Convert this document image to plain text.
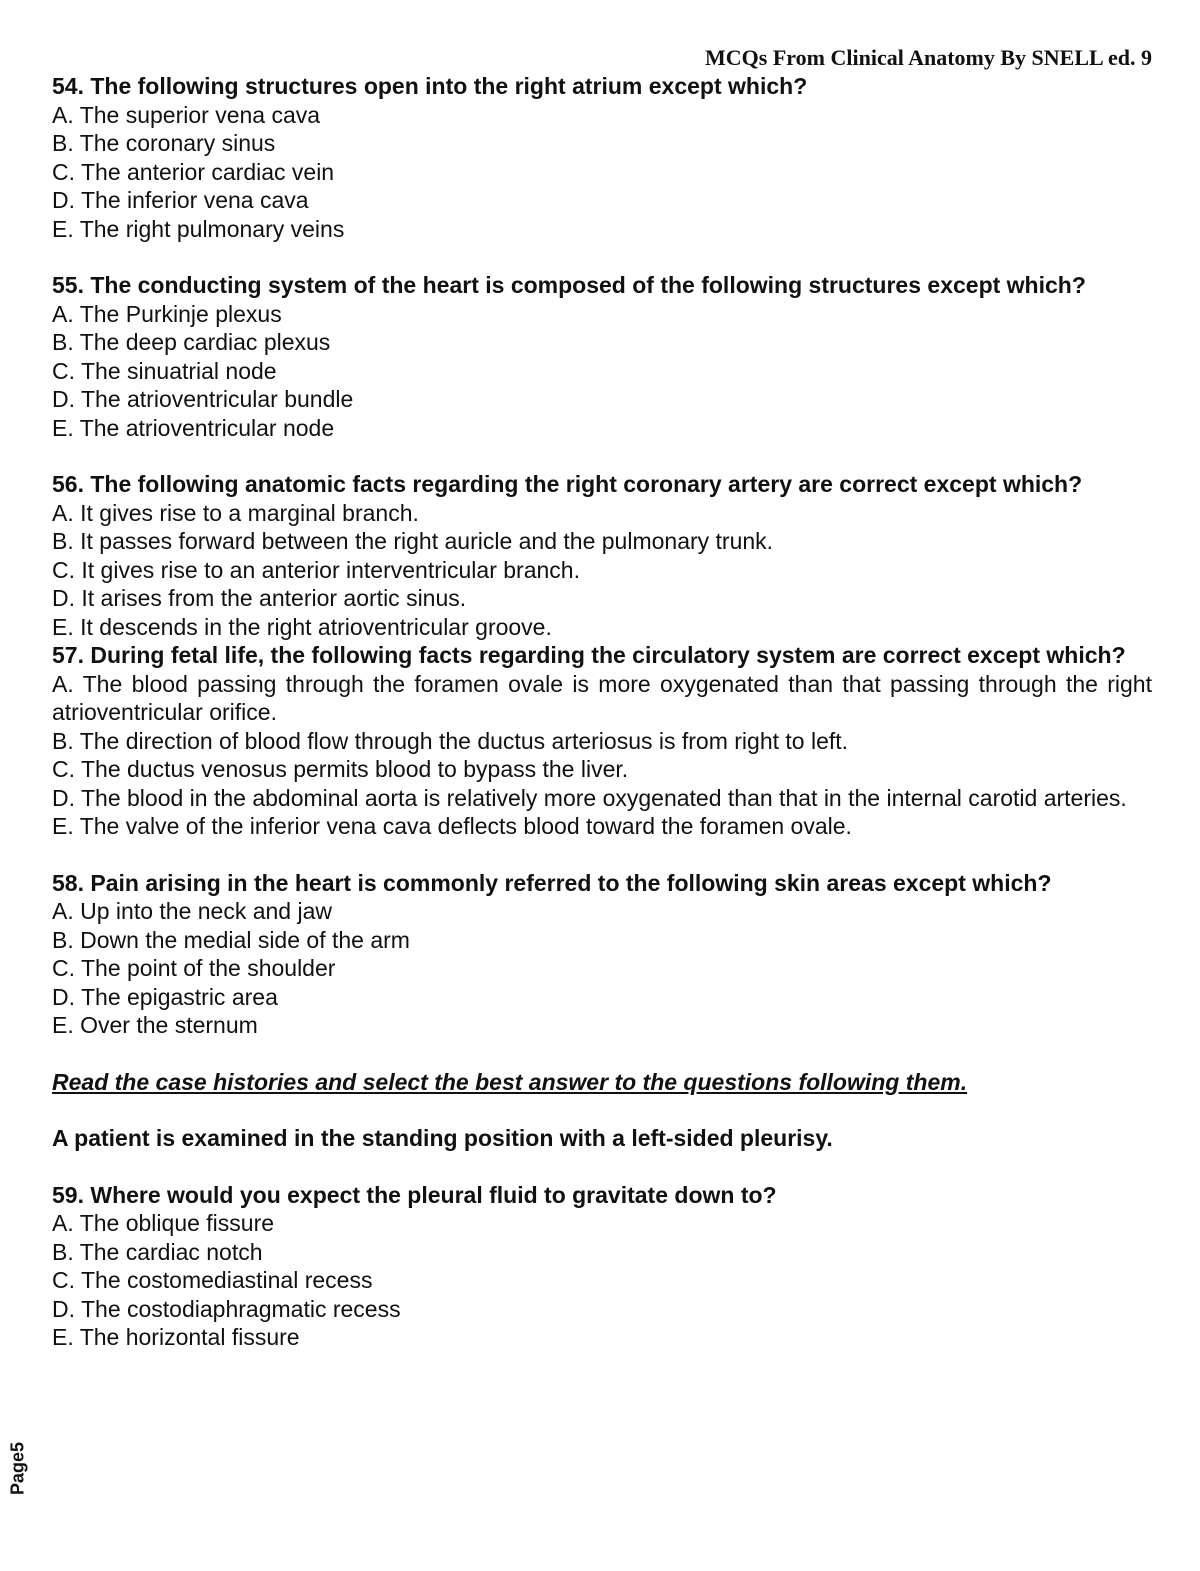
MCQs From Clinical Anatomy By SNELL ed. 9
54. The following structures open into the right atrium except which?
A. The superior vena cava
B. The coronary sinus
C. The anterior cardiac vein
D. The inferior vena cava
E. The right pulmonary veins
55. The conducting system of the heart is composed of the following structures except which?
A. The Purkinje plexus
B. The deep cardiac plexus
C. The sinuatrial node
D. The atrioventricular bundle
E. The atrioventricular node
56. The following anatomic facts regarding the right coronary artery are correct except which?
A. It gives rise to a marginal branch.
B. It passes forward between the right auricle and the pulmonary trunk.
C. It gives rise to an anterior interventricular branch.
D. It arises from the anterior aortic sinus.
E. It descends in the right atrioventricular groove.
57. During fetal life, the following facts regarding the circulatory system are correct except which?
A. The blood passing through the foramen ovale is more oxygenated than that passing through the right atrioventricular orifice.
B. The direction of blood flow through the ductus arteriosus is from right to left.
C. The ductus venosus permits blood to bypass the liver.
D. The blood in the abdominal aorta is relatively more oxygenated than that in the internal carotid arteries.
E. The valve of the inferior vena cava deflects blood toward the foramen ovale.
58. Pain arising in the heart is commonly referred to the following skin areas except which?
A. Up into the neck and jaw
B. Down the medial side of the arm
C. The point of the shoulder
D. The epigastric area
E. Over the sternum
Read the case histories and select the best answer to the questions following them.
A patient is examined in the standing position with a left-sided pleurisy.
59. Where would you expect the pleural fluid to gravitate down to?
A. The oblique fissure
B. The cardiac notch
C. The costomediastinal recess
D. The costodiaphragmatic recess
E. The horizontal fissure
Page5
